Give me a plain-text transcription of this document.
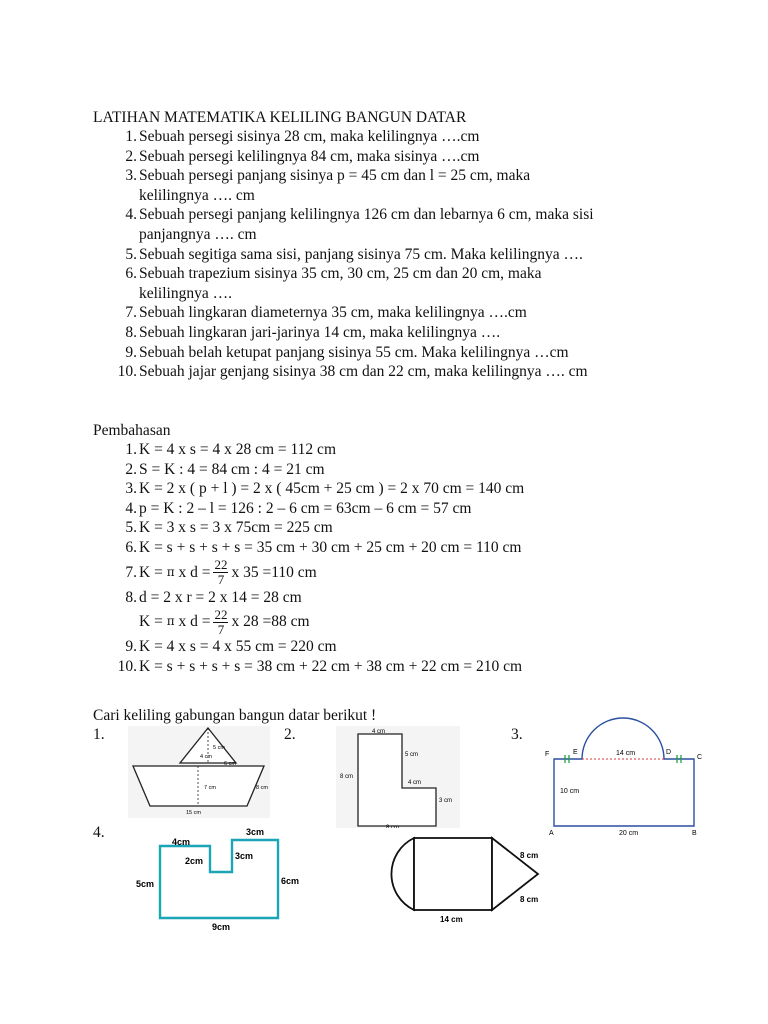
LATIHAN MATEMATIKA KELILING BANGUN DATAR
1. Sebuah persegi sisinya 28 cm, maka kelilingnya ….cm
2. Sebuah persegi kelilingnya 84 cm, maka sisinya ….cm
3. Sebuah persegi panjang sisinya p = 45 cm dan l = 25 cm, maka
kelilingnya …. cm
4. Sebuah persegi panjang kelilingnya 126 cm dan lebarnya 6 cm, maka sisi
panjangnya …. cm
5. Sebuah segitiga sama sisi, panjang sisinya 75 cm. Maka kelilingnya ….
6. Sebuah trapezium sisinya 35 cm, 30 cm, 25 cm dan 20 cm, maka
kelilingnya ….
7. Sebuah lingkaran diameternya 35 cm, maka kelilingnya ….cm
8. Sebuah lingkaran jari-jarinya 14 cm, maka kelilingnya ….
9. Sebuah belah ketupat panjang sisinya 55 cm. Maka kelilingnya …cm
10. Sebuah jajar genjang sisinya 38 cm dan 22 cm, maka kelilingnya …. cm
Pembahasan
1. K = 4 x s = 4 x 28 cm = 112 cm
2. S = K : 4 = 84 cm : 4 = 21 cm
3. K = 2 x ( p + l ) = 2 x ( 45cm + 25 cm ) = 2 x 70 cm = 140 cm
4. p = K : 2 – l = 126 : 2 – 6 cm = 63cm – 6 cm = 57 cm
5. K = 3 x s = 3 x 75cm = 225 cm
6. K = s + s + s + s = 35 cm + 30 cm + 25 cm + 20 cm = 110 cm
7. K =
π
x $d = \frac{22}{7}$ x 35 =110 cm
8. d = 2 x r = 2 x 14 = 28 cm
K =
π
x $d = \frac{22}{7}$ x 28 =88 cm
9. K = 4 x s = 4 x 55 cm = 220 cm
10. K = s + s + s + s = 38 cm + 22 cm + 38 cm + 22 cm = 210 cm
Cari keliling gabungan bangun datar berikut !
1.	2.	3.
4.
5 cm
4 cm
6 cm
7 cm	8 cm
15 cm
4 cm
5 cm
8 cm
4 cm
3 cm
8 cm
F	E	D
C
A	B
14 cm
10 cm
20 cm
4cm
3cm
2cm	3cm
5cm	6cm
9cm
8 cm
8 cm
14 cm
